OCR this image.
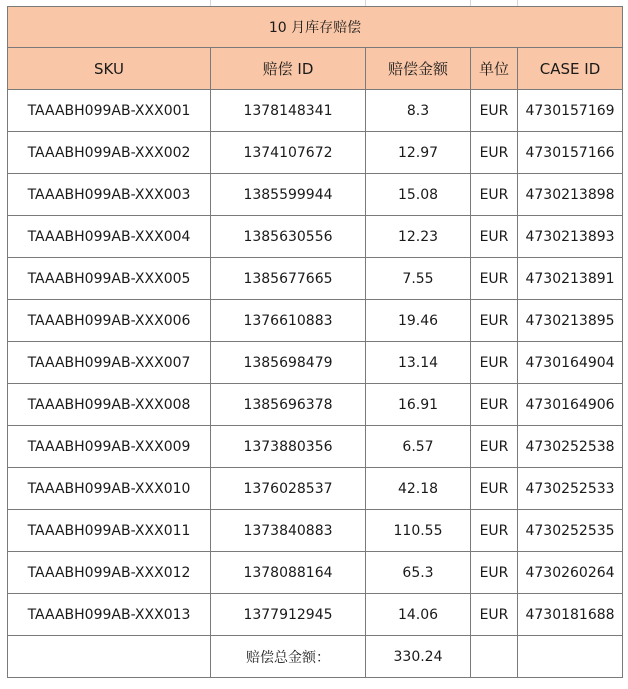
10 月库存赔偿				
SKU	赔偿 ID	赔偿金额	单位	CASE ID
TAAABH099AB-XXX001	1378148341	8.3	EUR	4730157169
TAAABH099AB-XXX002	1374107672	12.97	EUR	4730157166
TAAABH099AB-XXX003	1385599944	15.08	EUR	4730213898
TAAABH099AB-XXX004	1385630556	12.23	EUR	4730213893
TAAABH099AB-XXX005	1385677665	7.55	EUR	4730213891
TAAABH099AB-XXX006	1376610883	19.46	EUR	4730213895
TAAABH099AB-XXX007	1385698479	13.14	EUR	4730164904
TAAABH099AB-XXX008	1385696378	16.91	EUR	4730164906
TAAABH099AB-XXX009	1373880356	6.57	EUR	4730252538
TAAABH099AB-XXX010	1376028537	42.18	EUR	4730252533
TAAABH099AB-XXX011	1373840883	110.55	EUR	4730252535
TAAABH099AB-XXX012	1378088164	65.3	EUR	4730260264
TAAABH099AB-XXX013	1377912945	14.06	EUR	4730181688
	赔偿总金额：	330.24		
